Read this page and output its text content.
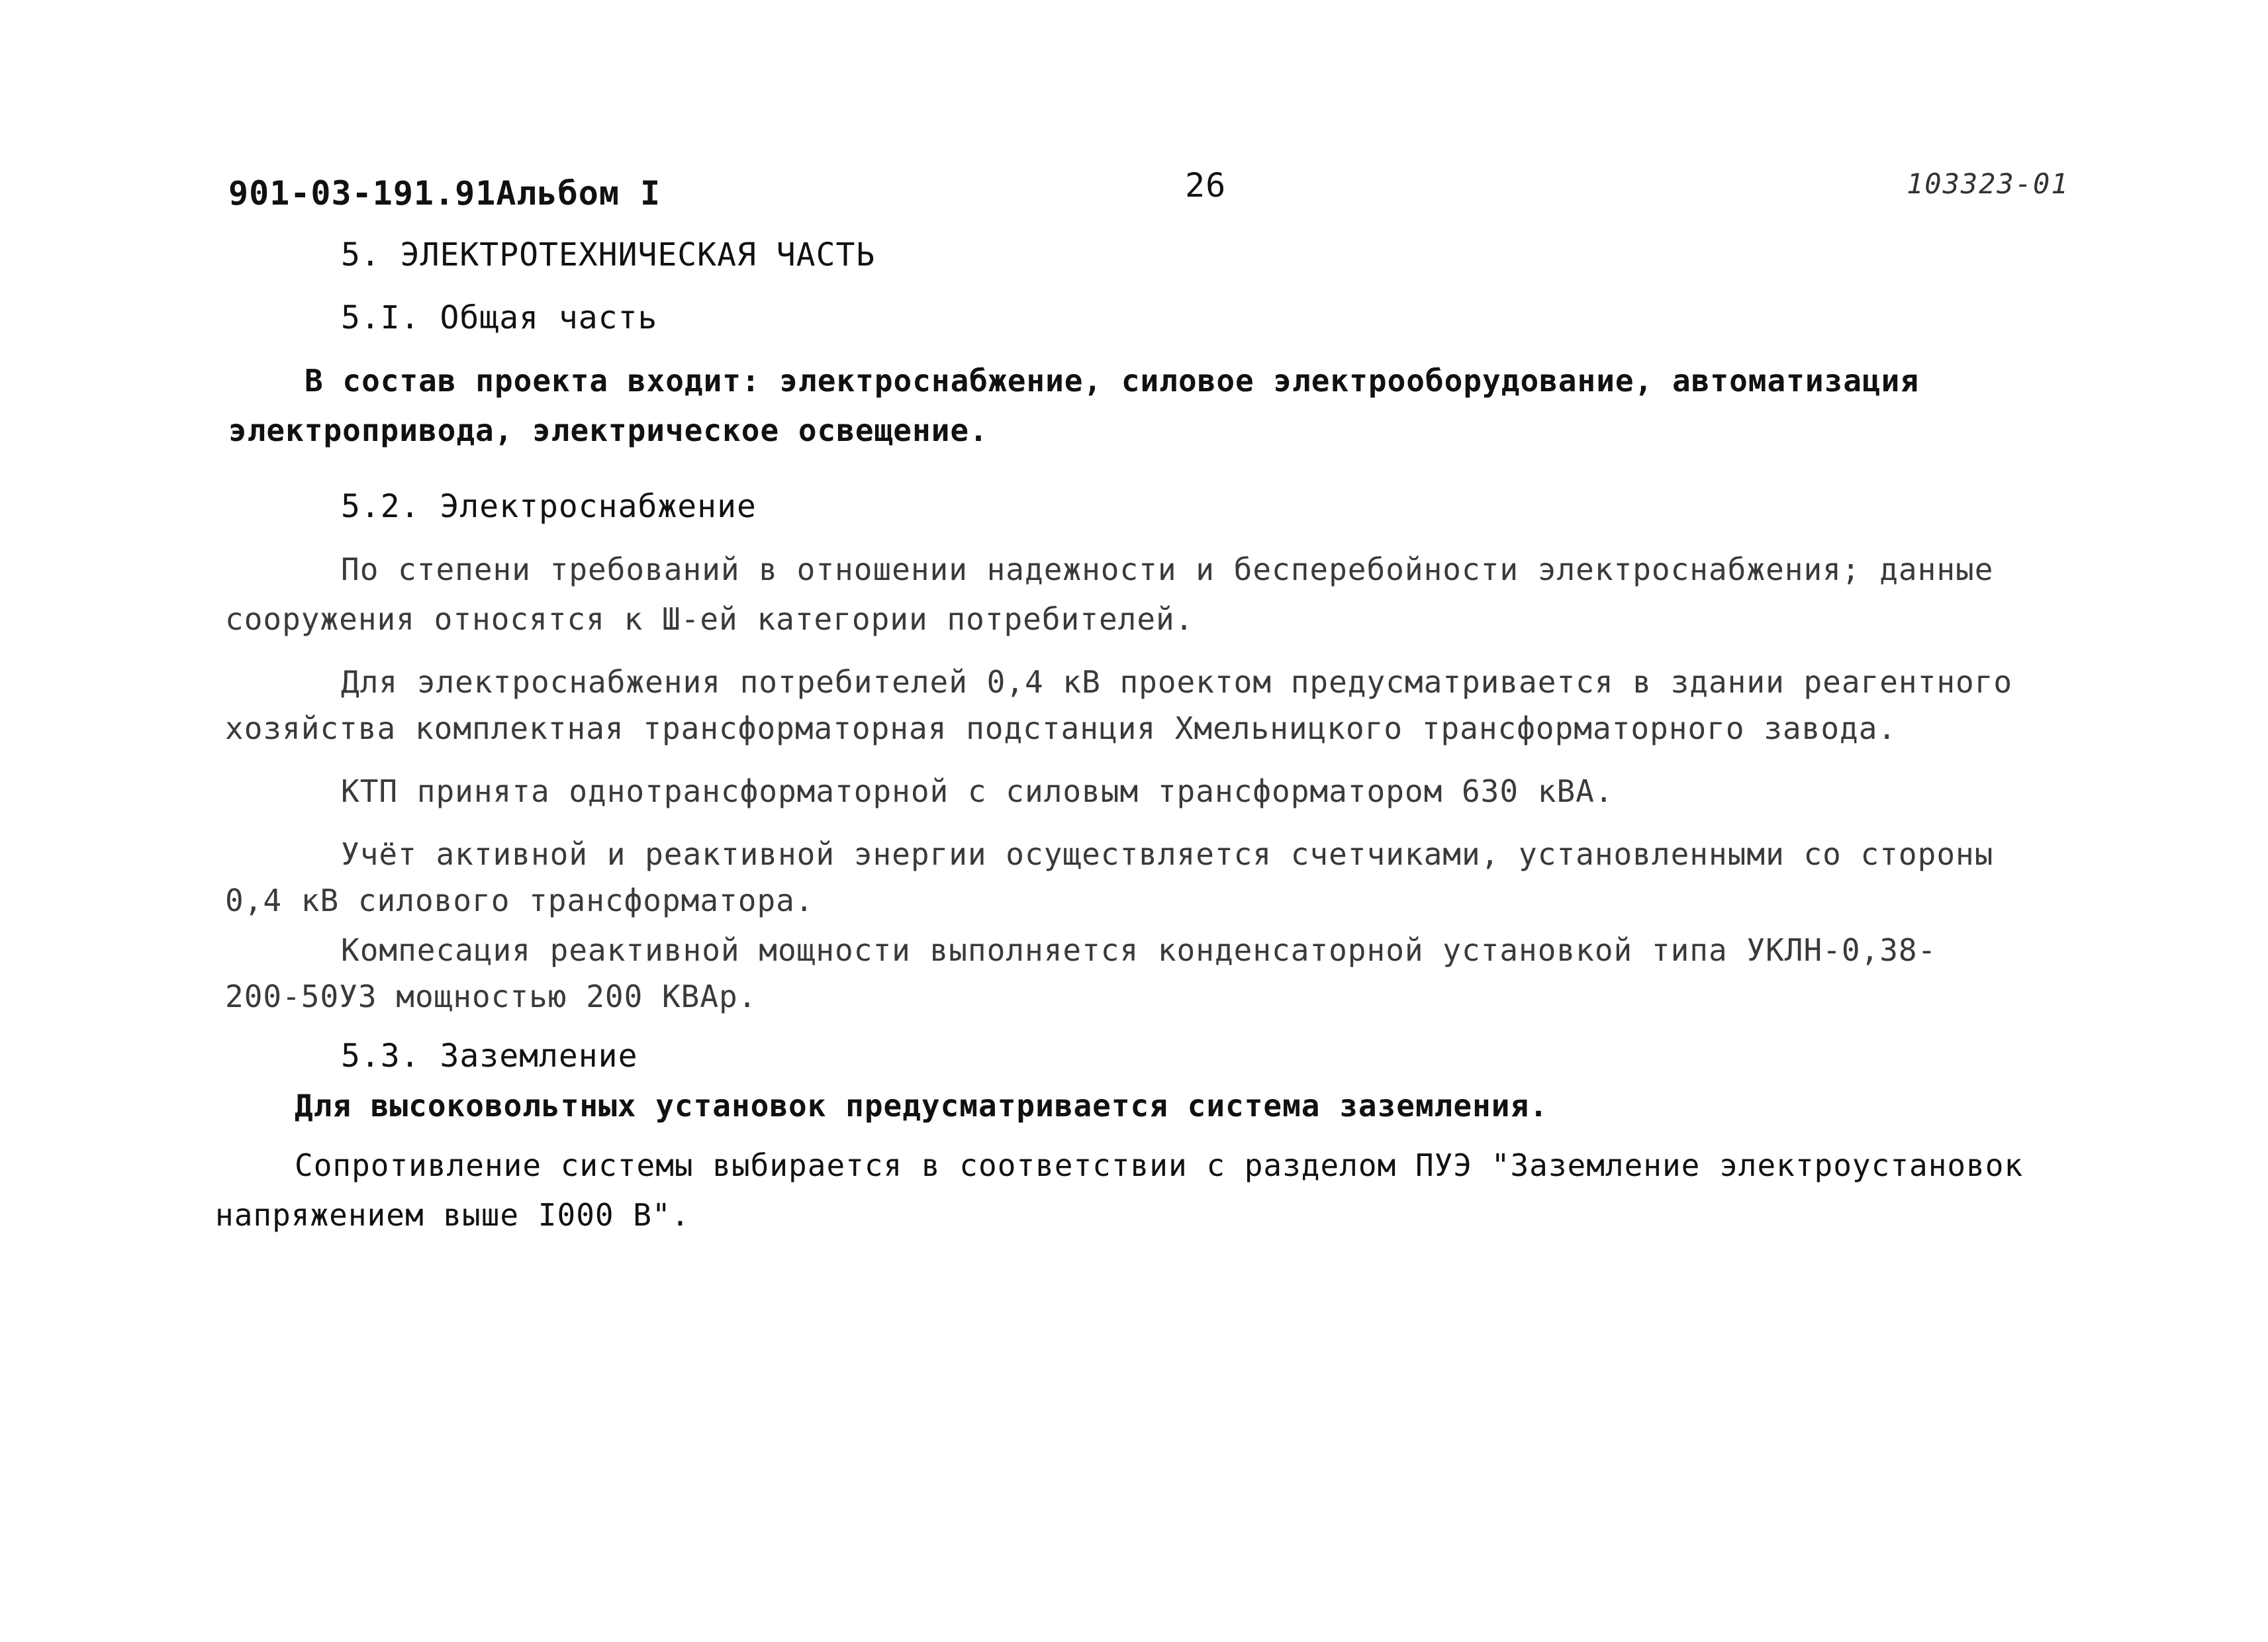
901-03-191.91Альбом I	26	103323-01
5. ЭЛЕКТРОТЕХНИЧЕСКАЯ ЧАСТЬ
5.I. Общая часть
В состав проекта входит: электроснабжение, силовое электрооборудование, автоматизация
электропривода, электрическое освещение.
5.2. Электроснабжение
По степени требований в отношении надежности и бесперебойности электроснабжения; данные
сооружения относятся к Ш-ей категории потребителей.
Для электроснабжения потребителей 0,4 кВ проектом предусматривается в здании реагентного
хозяйства комплектная трансформаторная подстанция Хмельницкого трансформаторного завода.
КТП принята однотрансформаторной с силовым трансформатором 630 кВА.
Учёт активной и реактивной энергии осуществляется счетчиками, установленными со стороны
0,4 кВ силового трансформатора.
Компесация реактивной мощности выполняется конденсаторной установкой типа УКЛН-0,38-
200-50У3 мощностью 200 КВАр.
5.3. Заземление
Для высоковольтных установок предусматривается система заземления.
Сопротивление системы выбирается в соответствии с разделом ПУЭ "Заземление электроустановок
напряжением выше I000 В".
